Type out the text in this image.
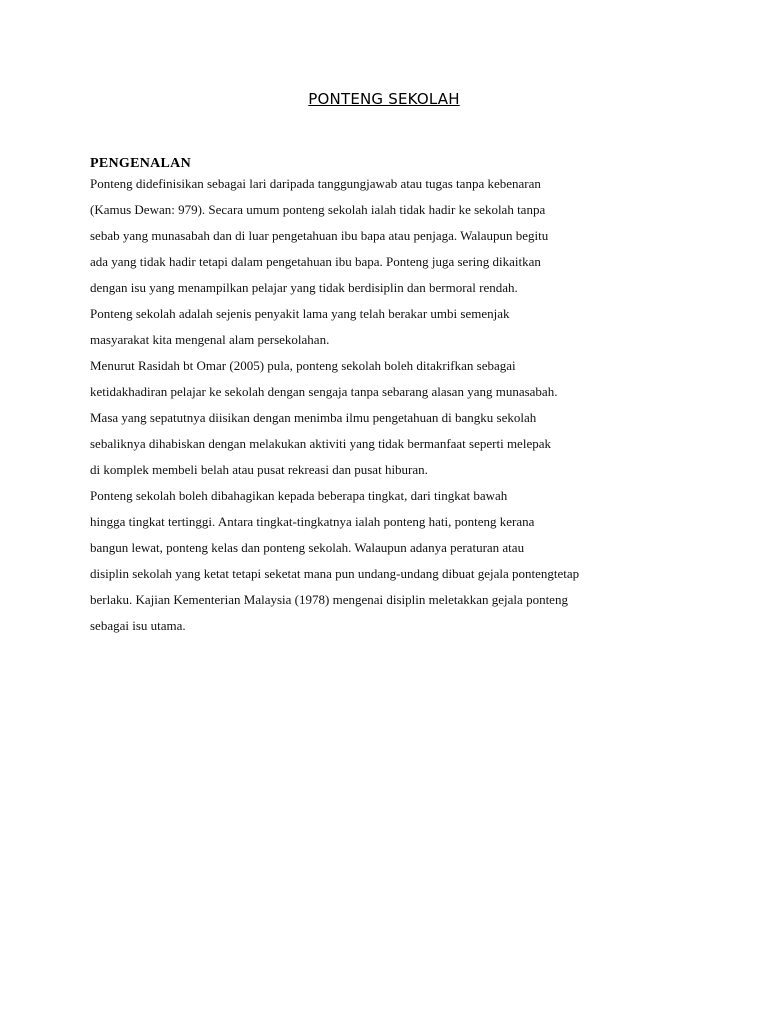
PONTENG SEKOLAH
PENGENALAN
Ponteng didefinisikan sebagai lari daripada tanggungjawab atau tugas tanpa kebenaran
(Kamus Dewan: 979). Secara umum ponteng sekolah ialah tidak hadir ke sekolah tanpa
sebab yang munasabah dan di luar pengetahuan ibu bapa atau penjaga. Walaupun begitu
ada yang tidak hadir tetapi dalam pengetahuan ibu bapa. Ponteng juga sering dikaitkan
dengan isu yang menampilkan pelajar yang tidak berdisiplin dan bermoral rendah.
Ponteng sekolah adalah sejenis penyakit lama yang telah berakar umbi semenjak
masyarakat kita mengenal alam persekolahan.
Menurut Rasidah bt Omar (2005) pula, ponteng sekolah boleh ditakrifkan sebagai
ketidakhadiran pelajar ke sekolah dengan sengaja tanpa sebarang alasan yang munasabah.
Masa yang sepatutnya diisikan dengan menimba ilmu pengetahuan di bangku sekolah
sebaliknya dihabiskan dengan melakukan aktiviti yang tidak bermanfaat seperti melepak
di komplek membeli belah atau pusat rekreasi dan pusat hiburan.
Ponteng sekolah boleh dibahagikan kepada beberapa tingkat, dari tingkat bawah
hingga tingkat tertinggi. Antara tingkat-tingkatnya ialah ponteng hati, ponteng kerana
bangun lewat, ponteng kelas dan ponteng sekolah. Walaupun adanya peraturan atau
disiplin sekolah yang ketat tetapi seketat mana pun undang-undang dibuat gejala pontengtetap
berlaku. Kajian Kementerian Malaysia (1978) mengenai disiplin meletakkan gejala ponteng
sebagai isu utama.
